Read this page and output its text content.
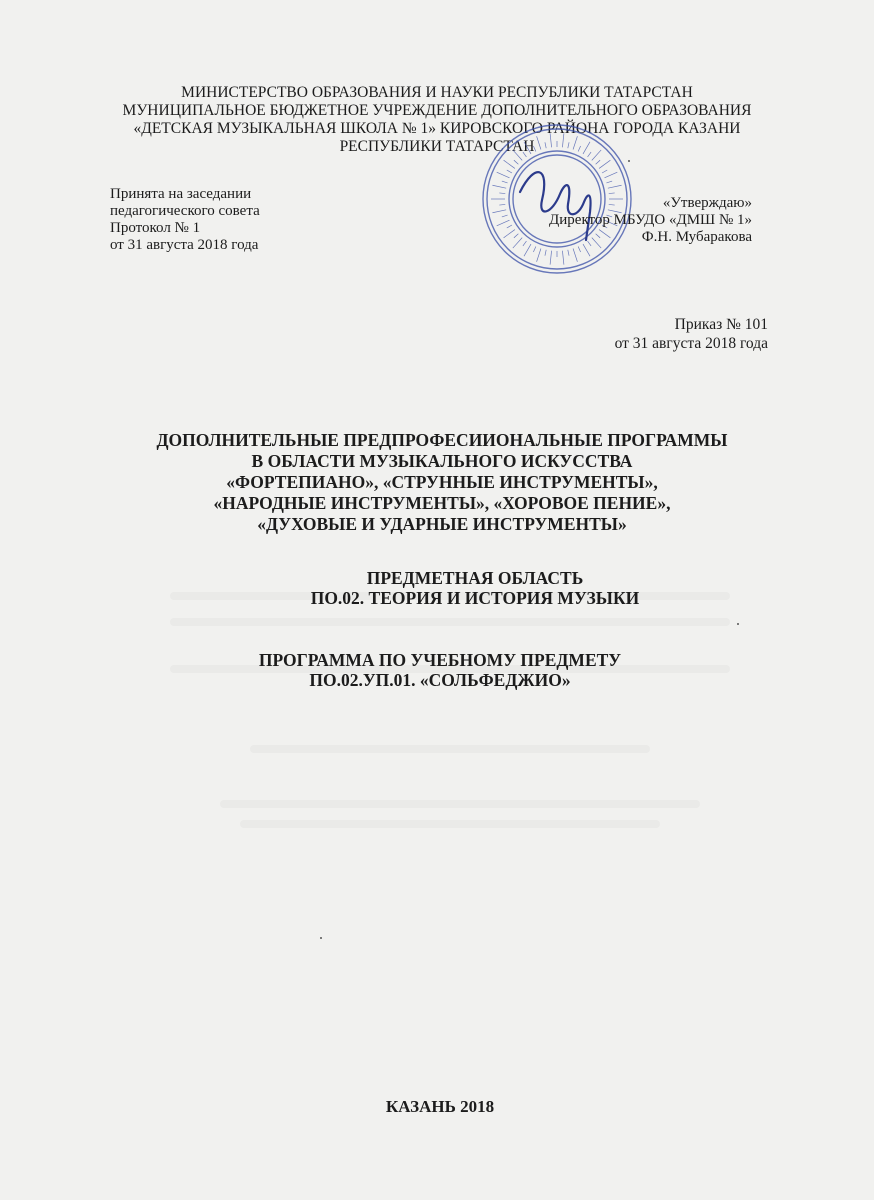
МИНИСТЕРСТВО ОБРАЗОВАНИЯ И НАУКИ РЕСПУБЛИКИ ТАТАРСТАН
МУНИЦИПАЛЬНОЕ БЮДЖЕТНОЕ УЧРЕЖДЕНИЕ ДОПОЛНИТЕЛЬНОГО ОБРАЗОВАНИЯ
«ДЕТСКАЯ МУЗЫКАЛЬНАЯ ШКОЛА № 1» КИРОВСКОГО РАЙОНА ГОРОДА КАЗАНИ
РЕСПУБЛИКИ ТАТАРСТАН
Принята на заседании
педагогического совета
Протокол № 1
от 31 августа 2018 года
«Утверждаю»
Директор МБУДО «ДМШ № 1»
Ф.Н. Мубаракова
Приказ № 101
от 31 августа 2018 года
ДОПОЛНИТЕЛЬНЫЕ ПРЕДПРОФЕСИИОНАЛЬНЫЕ ПРОГРАММЫ
В ОБЛАСТИ МУЗЫКАЛЬНОГО ИСКУССТВА
«ФОРТЕПИАНО», «СТРУННЫЕ ИНСТРУМЕНТЫ»,
«НАРОДНЫЕ ИНСТРУМЕНТЫ», «ХОРОВОЕ ПЕНИЕ»,
«ДУХОВЫЕ И УДАРНЫЕ ИНСТРУМЕНТЫ»
ПРЕДМЕТНАЯ ОБЛАСТЬ
ПО.02. ТЕОРИЯ И ИСТОРИЯ МУЗЫКИ
ПРОГРАММА ПО УЧЕБНОМУ ПРЕДМЕТУ
ПО.02.УП.01. «СОЛЬФЕДЖИО»
КАЗАНЬ 2018
